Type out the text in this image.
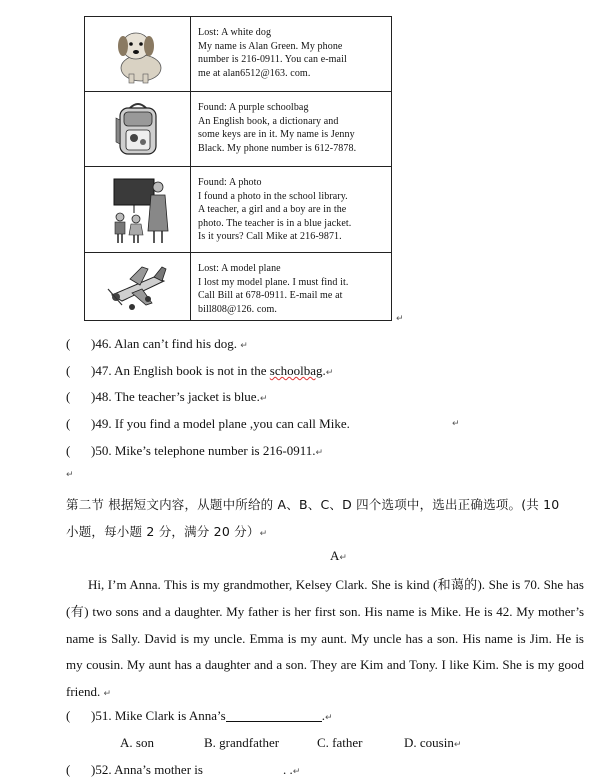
Lost: A white dog
My name is Alan Green. My phone
number is 216-0911. You can e-mail
me at alan6512@163. com.
Found: A purple schoolbag
An English book, a dictionary and
some keys are in it. My name is Jenny
Black. My phone number is 612-7878.
Found: A photo
I found a photo in the school library.
A teacher, a girl and a boy are in the
photo. The teacher is in a blue jacket.
Is it yours? Call Mike at 216-9871.
Lost: A model plane
I lost my model plane. I must find it.
Call Bill at 678-0911. E-mail me at
bill808@126. com.
↵
( )46. Alan can’t find his dog. ↵
( )47. An English book is not in the schoolbag.↵
( )48. The teacher’s jacket is blue.↵
( )49. If you find a model plane ,you can call Mike.	↵
( )50. Mike’s telephone number is 216-0911.↵
↵
第二节 根据短文内容，从题中所给的 A、B、C、D 四个选项中，选出正确选项。(共 10
小题，每小题 2 分，满分 20 分）↵
A↵

Hi, I’m Anna. This is my grandmother, Kelsey Clark. She is kind (和蔼的). She is 70. She has (有) two sons and a daughter. My father is her first son. His name is Mike. He is 42. My mother’s name is Sally. David is my uncle. Emma is my aunt. My uncle has a son. His name is Jim. He is my cousin. My aunt has a daughter and a son. They are Kim and Tony. I like Kim. She is my good friend. ↵

( )51. Mike Clark is Anna’s	.↵
A. son	B. grandfather	C. father	D. cousin↵
( )52. Anna’s mother is	. .↵
